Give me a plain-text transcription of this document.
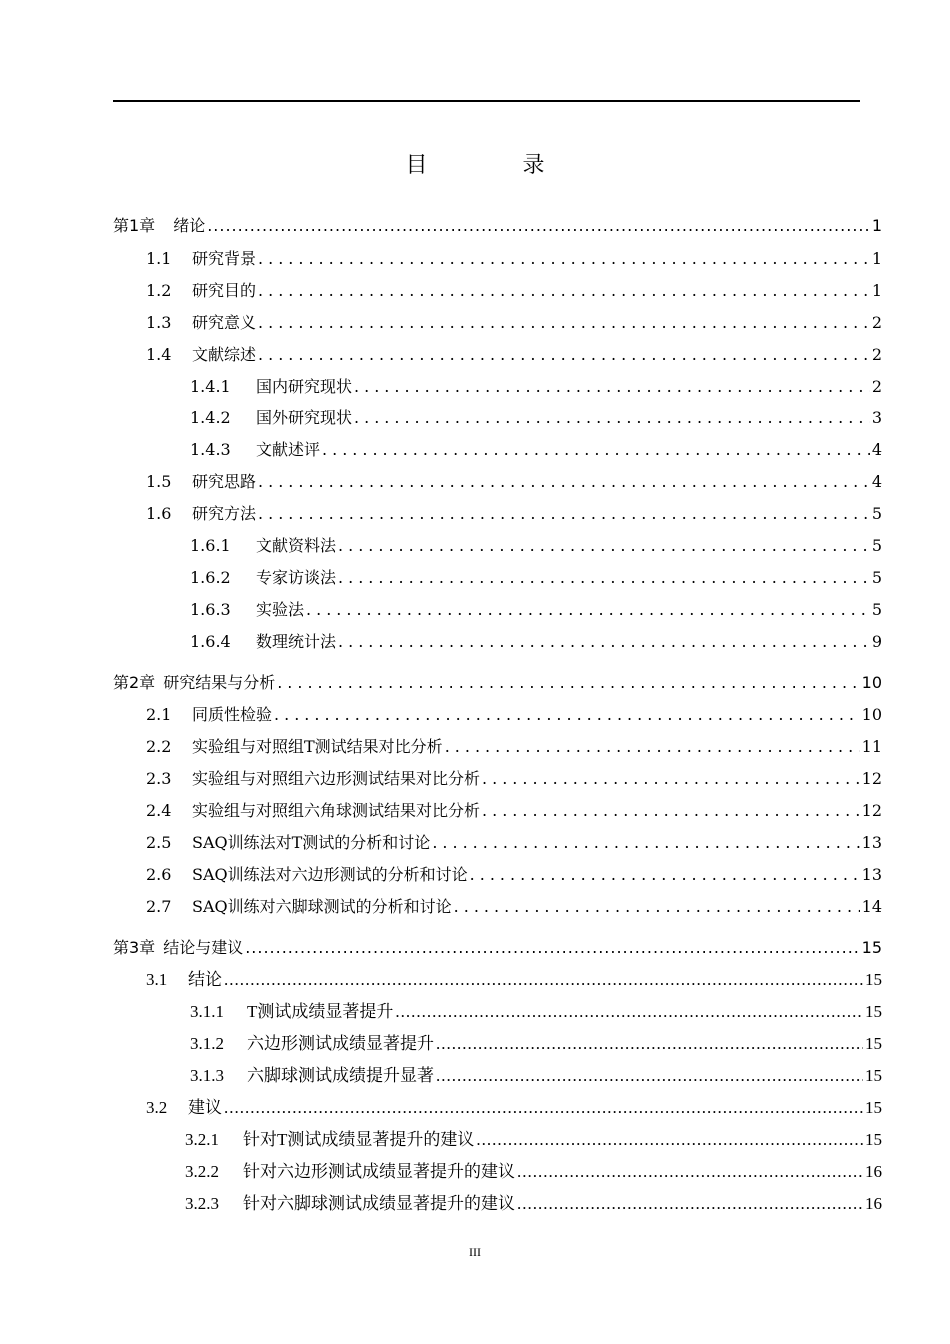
目 录
第1章 绪论 .....	1
1.1	研究背景 .....	1
1.2	研究目的 .....	1
1.3	研究意义 .....	2
1.4	文献综述 .....	2
1.4.1	国内研究现状 .....	2
1.4.2	国外研究现状 .....	3
1.4.3	文献述评 .....	4
1.5	研究思路 .....	4
1.6	研究方法 .....	5
1.6.1	文献资料法 .....	5
1.6.2	专家访谈法 .....	5
1.6.3	实验法 .....	5
1.6.4	数理统计法 .....	9
第2章 研究结果与分析 .....	10
2.1	同质性检验 .....	10
2.2	实验组与对照组T测试结果对比分析 .....	11
2.3	实验组与对照组六边形测试结果对比分析 .....	12
2.4	实验组与对照组六角球测试结果对比分析 .....	12
2.5	SAQ训练法对T测试的分析和讨论 .....	13
2.6	SAQ训练法对六边形测试的分析和讨论 .....	13
2.7	SAQ训练对六脚球测试的分析和讨论 .....	14
第3章 结论与建议 .....	15
3.1	结论 .....	15
3.1.1	T测试成绩显著提升 .....	15
3.1.2	六边形测试成绩显著提升 .....	15
3.1.3	六脚球测试成绩提升显著 .....	15
3.2	建议 .....	15
3.2.1	针对T测试成绩显著提升的建议 .....	15
3.2.2	针对六边形测试成绩显著提升的建议 .....	16
3.2.3	针对六脚球测试成绩显著提升的建议 .....	16
III
